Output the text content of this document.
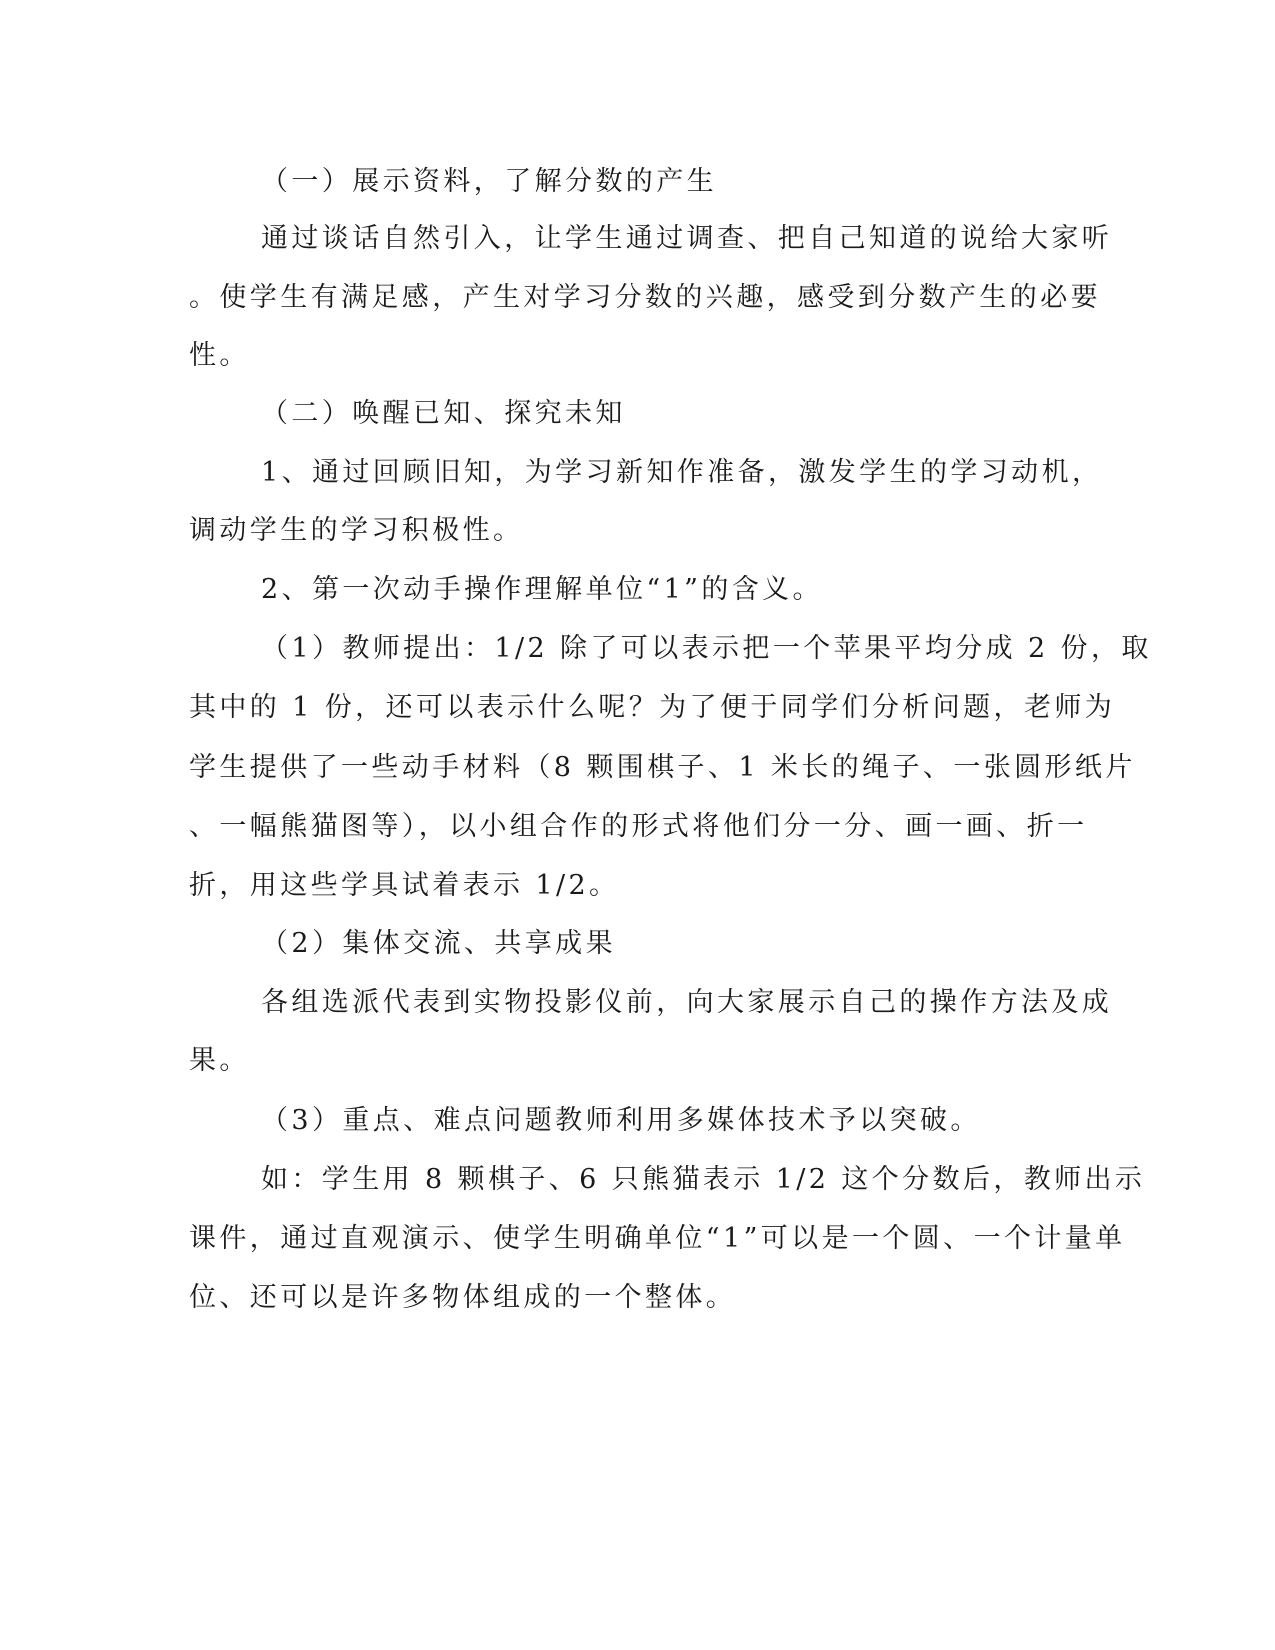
（一）展示资料，了解分数的产生
通过谈话自然引入，让学生通过调查、把自己知道的说给大家听
。使学生有满足感，产生对学习分数的兴趣，感受到分数产生的必要
性。
（二）唤醒已知、探究未知
1、通过回顾旧知，为学习新知作准备，激发学生的学习动机，
调动学生的学习积极性。
2、第一次动手操作理解单位“1”的含义。
（1）教师提出：1/2 除了可以表示把一个苹果平均分成 2 份，取
其中的 1 份，还可以表示什么呢？为了便于同学们分析问题，老师为
学生提供了一些动手材料（8 颗围棋子、1 米长的绳子、一张圆形纸片
、一幅熊猫图等），以小组合作的形式将他们分一分、画一画、折一
折，用这些学具试着表示 1/2。
（2）集体交流、共享成果
各组选派代表到实物投影仪前，向大家展示自己的操作方法及成
果。
（3）重点、难点问题教师利用多媒体技术予以突破。
如：学生用 8 颗棋子、6 只熊猫表示 1/2 这个分数后，教师出示
课件，通过直观演示、使学生明确单位“1”可以是一个圆、一个计量单
位、还可以是许多物体组成的一个整体。
